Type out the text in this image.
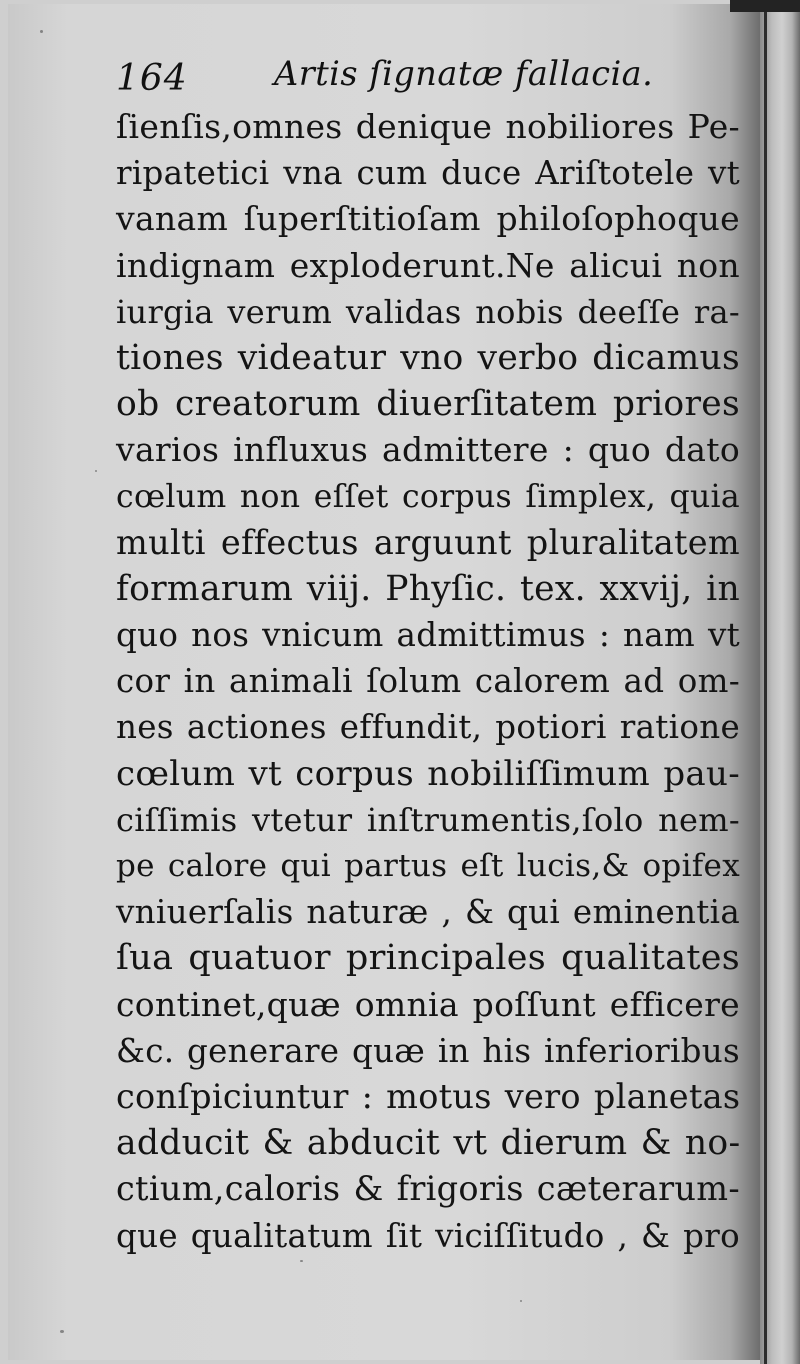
164	Artis ſignatæ fallacia.
ſienſis,omnes denique nobiliores Pe-
ripatetici vna cum duce Ariſtotele vt
vanam ſuperſtitioſam philoſophoque
indignam exploderunt.Ne alicui non
iurgia verum validas nobis deeſſe ra-
tiones videatur vno verbo dicamus
ob creatorum diuerſitatem priores
varios influxus admittere : quo dato
cœlum non eſſet corpus ſimplex, quia
multi effectus arguunt pluralitatem
formarum viij. Phyſic. tex. xxvij, in
quo nos vnicum admittimus : nam vt
cor in animali ſolum calorem ad om-
nes actiones effundit, potiori ratione
cœlum vt corpus nobiliſſimum pau-
ciſſimis vtetur inſtrumentis,ſolo nem-
pe calore qui partus eſt lucis,& opifex
vniuerſalis naturæ , & qui eminentia
ſua quatuor principales qualitates
continet,quæ omnia poſſunt efficere
&c. generare quæ in his inferioribus
conſpiciuntur : motus vero planetas
adducit & abducit vt dierum & no-
ctium,caloris & frigoris cæterarum-
que qualitatum ſit viciſſitudo , & pro
